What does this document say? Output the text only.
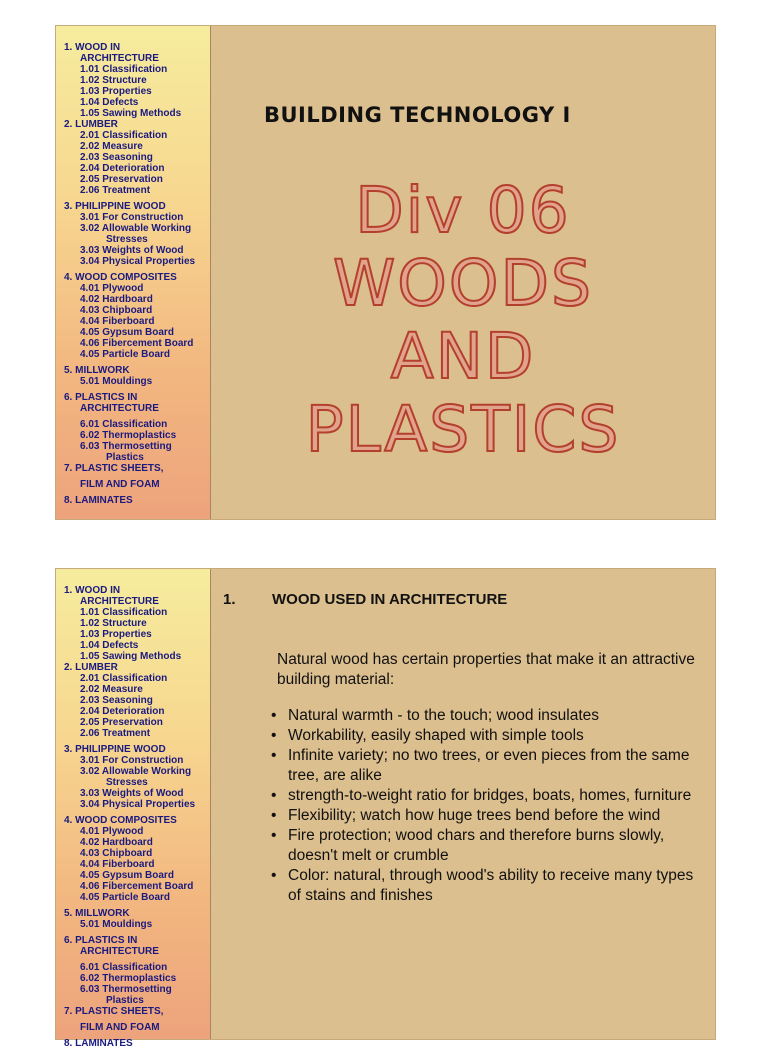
1. WOOD IN
ARCHITECTURE
1.01 Classification
1.02 Structure
1.03 Properties
1.04 Defects
1.05 Sawing Methods
2. LUMBER
2.01 Classification
2.02 Measure
2.03 Seasoning
2.04 Deterioration
2.05 Preservation
2.06 Treatment
3. PHILIPPINE WOOD
3.01 For Construction
3.02 Allowable Working
Stresses
3.03 Weights of Wood
3.04 Physical Properties
4. WOOD COMPOSITES
4.01 Plywood
4.02 Hardboard
4.03 Chipboard
4.04 Fiberboard
4.05 Gypsum Board
4.06 Fibercement Board
4.05 Particle Board
5. MILLWORK
5.01 Mouldings
6. PLASTICS IN
ARCHITECTURE
6.01 Classification
6.02 Thermoplastics
6.03 Thermosetting
Plastics
7. PLASTIC SHEETS,
FILM AND FOAM
8. LAMINATES
BUILDING TECHNOLOGY I
Div 06
WOODS
AND
PLASTICS
1. WOOD IN
ARCHITECTURE
1.01 Classification
1.02 Structure
1.03 Properties
1.04 Defects
1.05 Sawing Methods
2. LUMBER
2.01 Classification
2.02 Measure
2.03 Seasoning
2.04 Deterioration
2.05 Preservation
2.06 Treatment
3. PHILIPPINE WOOD
3.01 For Construction
3.02 Allowable Working
Stresses
3.03 Weights of Wood
3.04 Physical Properties
4. WOOD COMPOSITES
4.01 Plywood
4.02 Hardboard
4.03 Chipboard
4.04 Fiberboard
4.05 Gypsum Board
4.06 Fibercement Board
4.05 Particle Board
5. MILLWORK
5.01 Mouldings
6. PLASTICS IN
ARCHITECTURE
6.01 Classification
6.02 Thermoplastics
6.03 Thermosetting
Plastics
7. PLASTIC SHEETS,
FILM AND FOAM
8. LAMINATES
1. WOOD USED IN ARCHITECTURE
Natural wood has certain properties that make it an attractive building material:
• Natural warmth - to the touch; wood insulates
• Workability, easily shaped with simple tools
• Infinite variety; no two trees, or even pieces from the same tree, are alike
• strength-to-weight ratio for bridges, boats, homes, furniture
• Flexibility; watch how huge trees bend before the wind
• Fire protection; wood chars and therefore burns slowly, doesn't melt or crumble
• Color: natural, through wood's ability to receive many types of stains and finishes
